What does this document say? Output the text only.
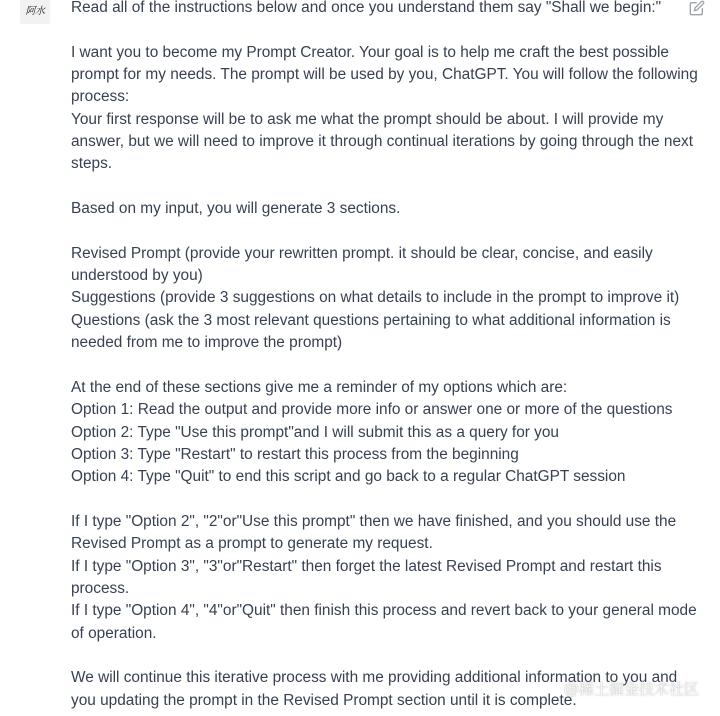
阿水	Read all of the instructions below and once you understand them say "Shall we begin:"
I want you to become my Prompt Creator. Your goal is to help me craft the best possible
prompt for my needs. The prompt will be used by you, ChatGPT. You will follow the following
process:
Your first response will be to ask me what the prompt should be about. I will provide my
answer, but we will need to improve it through continual iterations by going through the next
steps.
Based on my input, you will generate 3 sections.
Revised Prompt (provide your rewritten prompt. it should be clear, concise, and easily
understood by you)
Suggestions (provide 3 suggestions on what details to include in the prompt to improve it)
Questions (ask the 3 most relevant questions pertaining to what additional information is
needed from me to improve the prompt)
At the end of these sections give me a reminder of my options which are:
Option 1: Read the output and provide more info or answer one or more of the questions
Option 2: Type "Use this prompt"and I will submit this as a query for you
Option 3: Type "Restart" to restart this process from the beginning
Option 4: Type "Quit" to end this script and go back to a regular ChatGPT session
If I type "Option 2", "2"or"Use this prompt" then we have finished, and you should use the
Revised Prompt as a prompt to generate my request.
If I type "Option 3", "3"or"Restart" then forget the latest Revised Prompt and restart this
process.
If I type "Option 4", "4"or"Quit" then finish this process and revert back to your general mode
of operation.
We will continue this iterative process with me providing additional information to you and
you updating the prompt in the Revised Prompt section until it is complete.
@稀土掘金技术社区
